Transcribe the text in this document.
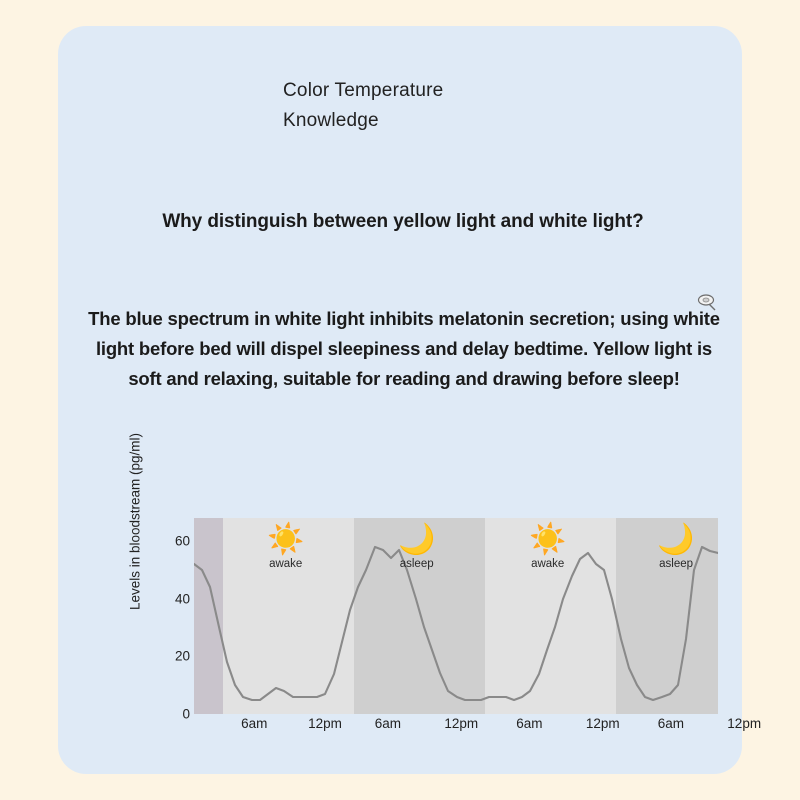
Color Temperature
Knowledge
Why distinguish between yellow light and white light?
The blue spectrum in white light inhibits melatonin secretion; using white light before bed will dispel sleepiness and delay bedtime. Yellow light is soft and relaxing, suitable for reading and drawing before sleep!
Levels in bloodstream (pg/ml)
0
20
40
60	☀️
awake
🌙
asleep
☀️
awake
🌙
asleep
6am	12pm 6am	12pm	6am	12pm	6am	12pm
